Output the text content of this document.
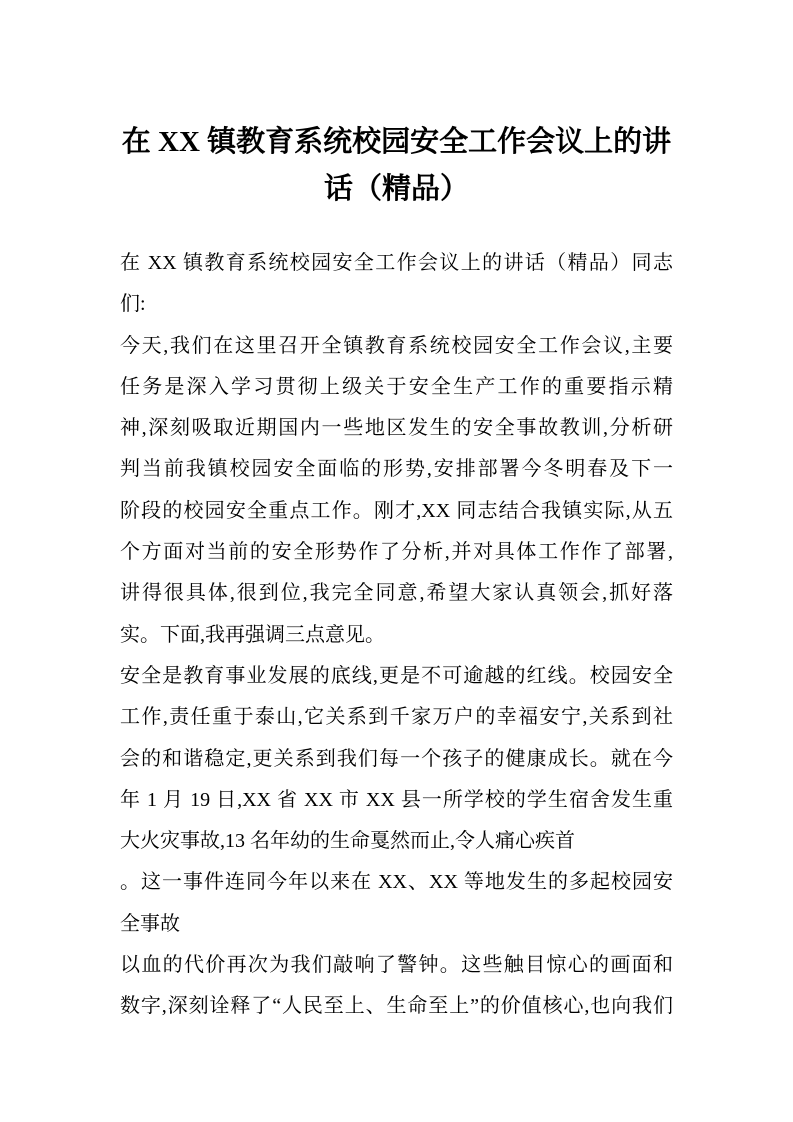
在 XX 镇教育系统校园安全工作会议上的讲
话（精品）
在 XX 镇教育系统校园安全工作会议上的讲话（精品）同志
们:
今天,我们在这里召开全镇教育系统校园安全工作会议,主要
任务是深入学习贯彻上级关于安全生产工作的重要指示精
神,深刻吸取近期国内一些地区发生的安全事故教训,分析研
判当前我镇校园安全面临的形势,安排部署今冬明春及下一
阶段的校园安全重点工作。刚才,XX 同志结合我镇实际,从五
个方面对当前的安全形势作了分析,并对具体工作作了部署,
讲得很具体,很到位,我完全同意,希望大家认真领会,抓好落
实。下面,我再强调三点意见。
安全是教育事业发展的底线,更是不可逾越的红线。校园安全
工作,责任重于泰山,它关系到千家万户的幸福安宁,关系到社
会的和谐稳定,更关系到我们每一个孩子的健康成长。就在今
年 1 月 19 日,XX 省 XX 市 XX 县一所学校的学生宿舍发生重
大火灾事故,13 名年幼的生命戛然而止,令人痛心疾首
。这一事件连同今年以来在 XX、XX 等地发生的多起校园安
全事故
以血的代价再次为我们敲响了警钟。这些触目惊心的画面和
数字,深刻诠释了“人民至上、生命至上”的价值核心,也向我们
